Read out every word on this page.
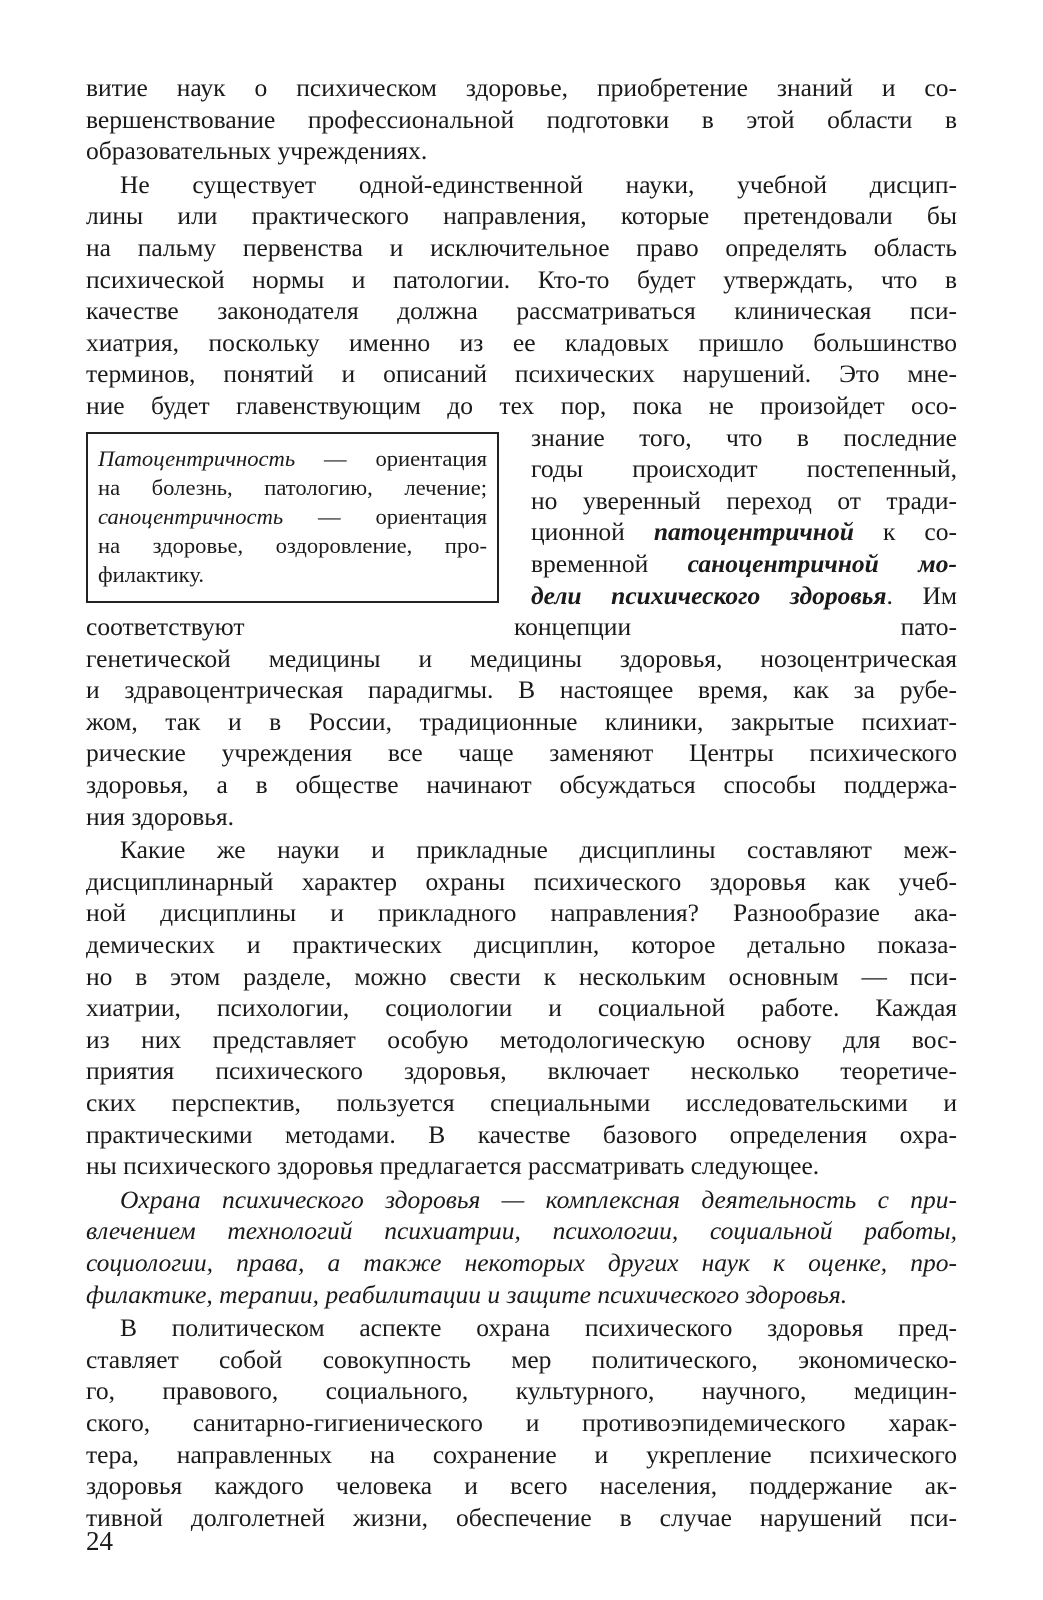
витие наук о психическом здоровье, приобретение знаний и со-
вершенствование профессиональной подготовки в этой области в
образовательных учреждениях.
Не существует одной-единственной науки, учебной дисцип-
лины или практического направления, которые претендовали бы
на пальму первенства и исключительное право определять область
психической нормы и патологии. Кто-то будет утверждать, что в
качестве законодателя должна рассматриваться клиническая пси-
хиатрия, поскольку именно из ее кладовых пришло большинство
терминов, понятий и описаний психических нарушений. Это мне-
ние будет главенствующим до тех пор, пока не произойдет осо-
Патоцентричность — ориентация
на болезнь, патологию, лечение;
саноцентричность — ориентация
на здоровье, оздоровление, про-
филактику.
знание того, что в последние
годы происходит постепенный,
но уверенный переход от тради-
ционной патоцентричной к со-
временной саноцентричной мо-
дели психического здоровья. Им
соответствуют концепции пато-
генетической медицины и медицины здоровья, нозоцентрическая
и здравоцентрическая парадигмы. В настоящее время, как за рубе-
жом, так и в России, традиционные клиники, закрытые психиат-
рические учреждения все чаще заменяют Центры психического
здоровья, а в обществе начинают обсуждаться способы поддержа-
ния здоровья.
Какие же науки и прикладные дисциплины составляют меж-
дисциплинарный характер охраны психического здоровья как учеб-
ной дисциплины и прикладного направления? Разнообразие ака-
демических и практических дисциплин, которое детально показа-
но в этом разделе, можно свести к нескольким основным — пси-
хиатрии, психологии, социологии и социальной работе. Каждая
из них представляет особую методологическую основу для вос-
приятия психического здоровья, включает несколько теоретиче-
ских перспектив, пользуется специальными исследовательскими и
практическими методами. В качестве базового определения охра-
ны психического здоровья предлагается рассматривать следующее.
Охрана психического здоровья — комплексная деятельность с при-
влечением технологий психиатрии, психологии, социальной работы,
социологии, права, а также некоторых других наук к оценке, про-
филактике, терапии, реабилитации и защите психического здоровья.
В политическом аспекте охрана психического здоровья пред-
ставляет собой совокупность мер политического, экономическо-
го, правового, социального, культурного, научного, медицин-
ского, санитарно-гигиенического и противоэпидемического харак-
тера, направленных на сохранение и укрепление психического
здоровья каждого человека и всего населения, поддержание ак-
тивной долголетней жизни, обеспечение в случае нарушений пси-
24
